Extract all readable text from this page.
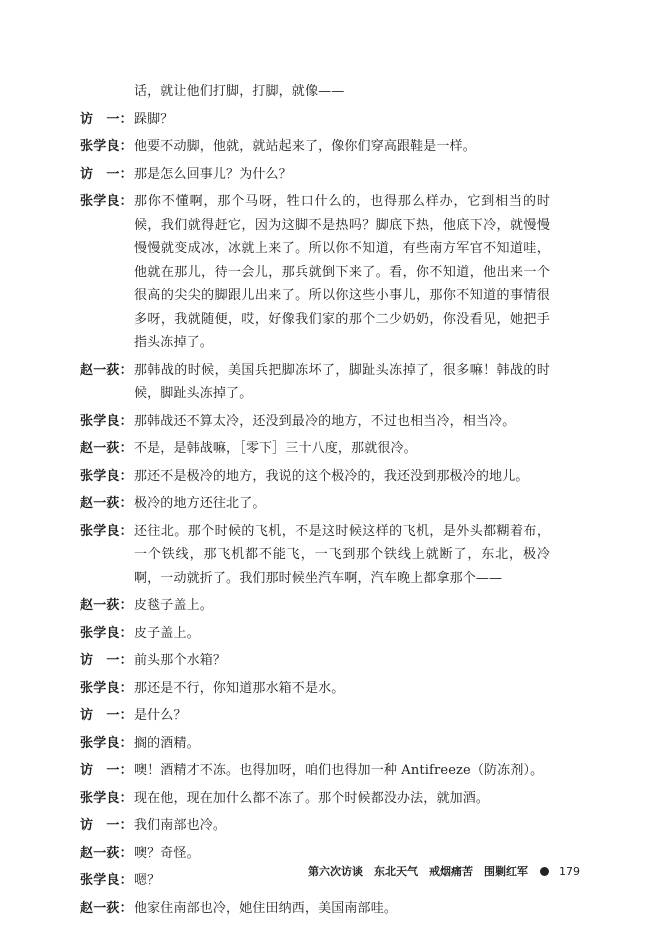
话，就让他们打脚，打脚，就像——
访　一： 跺脚？
张学良： 他要不动脚，他就，就站起来了，像你们穿高跟鞋是一样。
访　一： 那是怎么回事儿？为什么？
张学良： 那你不懂啊，那个马呀，牲口什么的，也得那么样办，它到相当的时候，我们就得赶它，因为这脚不是热吗？脚底下热，他底下冷，就慢慢慢慢就变成冰，冰就上来了。所以你不知道，有些南方军官不知道哇，他就在那儿，待一会儿，那兵就倒下来了。看，你不知道，他出来一个很高的尖尖的脚跟儿出来了。所以你这些小事儿，那你不知道的事情很多呀，我就随便，哎，好像我们家的那个二少奶奶，你没看见，她把手指头冻掉了。
赵一荻： 那韩战的时候，美国兵把脚冻坏了，脚趾头冻掉了，很多嘛！韩战的时候，脚趾头冻掉了。
张学良： 那韩战还不算太冷，还没到最冷的地方，不过也相当冷，相当冷。
赵一荻： 不是，是韩战嘛，［零下］三十八度，那就很冷。
张学良： 那还不是极冷的地方，我说的这个极冷的，我还没到那极冷的地儿。
赵一荻： 极冷的地方还往北了。
张学良： 还往北。那个时候的飞机，不是这时候这样的飞机，是外头都糊着布，一个铁线，那飞机都不能飞，一飞到那个铁线上就断了，东北，极冷啊，一动就折了。我们那时候坐汽车啊，汽车晚上都拿那个——
赵一荻： 皮毯子盖上。
张学良： 皮子盖上。
访　一： 前头那个水箱？
张学良： 那还是不行，你知道那水箱不是水。
访　一： 是什么？
张学良： 搁的酒精。
访　一： 噢！酒精才不冻。也得加呀，咱们也得加一种 Antifreeze（防冻剂）。
张学良： 现在他，现在加什么都不冻了。那个时候都没办法，就加酒。
访　一： 我们南部也冷。
赵一荻： 噢？奇怪。
张学良： 嗯？
赵一荻： 他家住南部也冷，她住田纳西，美国南部哇。
第六次访谈　东北天气　戒烟痛苦　围剿红军	179
